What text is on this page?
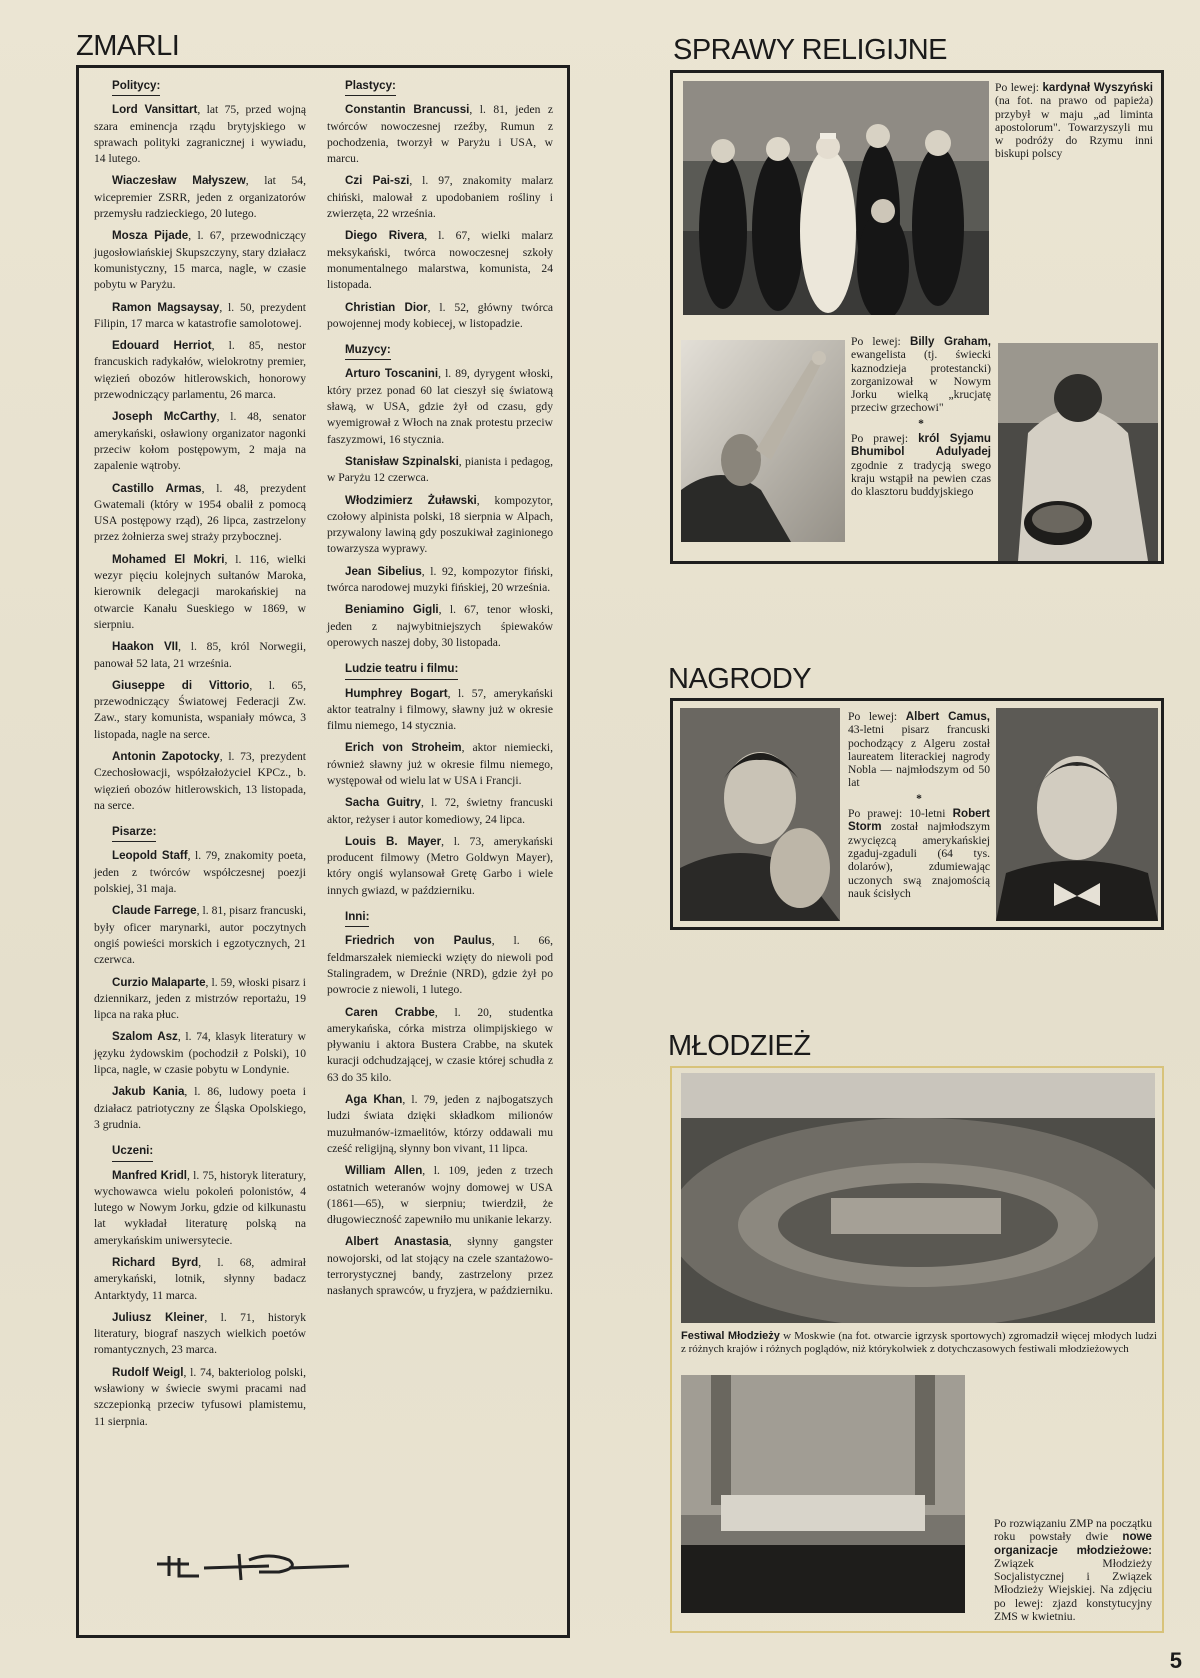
ZMARLI
Politycy:

Lord Vansittart, lat 75, przed wojną szara eminencja rządu brytyjskiego w sprawach polityki zagranicznej i wywiadu, 14 lutego.

Wiaczesław Małyszew, lat 54, wicepremier ZSRR, jeden z organizatorów przemysłu radzieckiego, 20 lutego.

Mosza Pijade, l. 67, przewodniczący jugosłowiańskiej Skupszczyny, stary działacz komunistyczny, 15 marca, nagle, w czasie pobytu w Paryżu.

Ramon Magsaysay, l. 50, prezydent Filipin, 17 marca w katastrofie samolotowej.

Edouard Herriot, l. 85, nestor francuskich radykałów, wielokrotny premier, więzień obozów hitlerowskich, honorowy przewodniczący parlamentu, 26 marca.

Joseph McCarthy, l. 48, senator amerykański, osławiony organizator nagonki przeciw kołom postępowym, 2 maja na zapalenie wątroby.

Castillo Armas, l. 48, prezydent Gwatemali (który w 1954 obalił z pomocą USA postępowy rząd), 26 lipca, zastrzelony przez żołnierza swej straży przybocznej.

Mohamed El Mokri, l. 116, wielki wezyr pięciu kolejnych sułtanów Maroka, kierownik delegacji marokańskiej na otwarcie Kanału Sueskiego w 1869, w sierpniu.

Haakon VII, l. 85, król Norwegii, panował 52 lata, 21 września.

Giuseppe di Vittorio, l. 65, przewodniczący Światowej Federacji Zw. Zaw., stary komunista, wspaniały mówca, 3 listopada, nagle na serce.

Antonin Zapotocky, l. 73, prezydent Czechosłowacji, współzałożyciel KPCz., b. więzień obozów hitlerowskich, 13 listopada, na serce.

Pisarze:

Leopold Staff, l. 79, znakomity poeta, jeden z twórców współczesnej poezji polskiej, 31 maja.

Claude Farrege, l. 81, pisarz francuski, były oficer marynarki, autor poczytnych ongiś powieści morskich i egzotycznych, 21 czerwca.

Curzio Malaparte, l. 59, włoski pisarz i dziennikarz, jeden z mistrzów reportażu, 19 lipca na raka płuc.

Szalom Asz, l. 74, klasyk literatury w języku żydowskim (pochodził z Polski), 10 lipca, nagle, w czasie pobytu w Londynie.

Jakub Kania, l. 86, ludowy poeta i działacz patriotyczny ze Śląska Opolskiego, 3 grudnia.

Uczeni:

Manfred Kridl, l. 75, historyk literatury, wychowawca wielu pokoleń polonistów, 4 lutego w Nowym Jorku, gdzie od kilkunastu lat wykładał literaturę polską na amerykańskim uniwersytecie.

Richard Byrd, l. 68, admirał amerykański, lotnik, słynny badacz Antarktydy, 11 marca.

Juliusz Kleiner, l. 71, historyk literatury, biograf naszych wielkich poetów romantycznych, 23 marca.

Rudolf Weigl, l. 74, bakteriolog polski, wsławiony w świecie swymi pracami nad szczepionką przeciw tyfusowi plamistemu, 11 sierpnia.

Plastycy:

Constantin Brancussi, l. 81, jeden z twórców nowoczesnej rzeźby, Rumun z pochodzenia, tworzył w Paryżu i USA, w marcu.

Czi Pai-szi, l. 97, znakomity malarz chiński, malował z upodobaniem rośliny i zwierzęta, 22 września.

Diego Rivera, l. 67, wielki malarz meksykański, twórca nowoczesnej szkoły monumentalnego malarstwa, komunista, 24 listopada.

Christian Dior, l. 52, główny twórca powojennej mody kobiecej, w listopadzie.

Muzycy:

Arturo Toscanini, l. 89, dyrygent włoski, który przez ponad 60 lat cieszył się światową sławą, w USA, gdzie żył od czasu, gdy wyemigrował z Włoch na znak protestu przeciw faszyzmowi, 16 stycznia.

Stanisław Szpinalski, pianista i pedagog, w Paryżu 12 czerwca.

Włodzimierz Żuławski, kompozytor, czołowy alpinista polski, 18 sierpnia w Alpach, przywalony lawiną gdy poszukiwał zaginionego towarzysza wyprawy.

Jean Sibelius, l. 92, kompozytor fiński, twórca narodowej muzyki fińskiej, 20 września.

Beniamino Gigli, l. 67, tenor włoski, jeden z najwybitniejszych śpiewaków operowych naszej doby, 30 listopada.

Ludzie teatru i filmu:

Humphrey Bogart, l. 57, amerykański aktor teatralny i filmowy, sławny już w okresie filmu niemego, 14 stycznia.

Erich von Stroheim, aktor niemiecki, również sławny już w okresie filmu niemego, występował od wielu lat w USA i Francji.

Sacha Guitry, l. 72, świetny francuski aktor, reżyser i autor komediowy, 24 lipca.

Louis B. Mayer, l. 73, amerykański producent filmowy (Metro Goldwyn Mayer), który ongiś wylansował Gretę Garbo i wiele innych gwiazd, w październiku.

Inni:

Friedrich von Paulus, l. 66, feldmarszałek niemiecki wzięty do niewoli pod Stalingradem, w Dreźnie (NRD), gdzie żył po powrocie z niewoli, 1 lutego.

Caren Crabbe, l. 20, studentka amerykańska, córka mistrza olimpijskiego w pływaniu i aktora Bustera Crabbe, na skutek kuracji odchudzającej, w czasie której schudła z 63 do 35 kilo.

Aga Khan, l. 79, jeden z najbogatszych ludzi świata dzięki składkom milionów muzułmanów-izmaelitów, którzy oddawali mu cześć religijną, słynny bon vivant, 11 lipca.

William Allen, l. 109, jeden z trzech ostatnich weteranów wojny domowej w USA (1861—65), w sierpniu; twierdził, że długowieczność zapewniło mu unikanie lekarzy.

Albert Anastasia, słynny gangster nowojorski, od lat stojący na czele szantażowo-terrorystycznej bandy, zastrzelony przez nasłanych sprawców, u fryzjera, w październiku.

SPRAWY RELIGIJNE
Po lewej: kardynał Wyszyński (na fot. na prawo od papieża) przybył w maju „ad liminta apostolorum". Towarzyszyli mu w podróży do Rzymu inni biskupi polscy
Po lewej: Billy Graham, ewangelista (tj. świecki kaznodzieja protestancki) zorganizował w Nowym Jorku wielką „krucjatę przeciw grzechowi"
*
Po prawej: król Syjamu Bhumibol Adulyadej zgodnie z tradycją swego kraju wstąpił na pewien czas do klasztoru buddyjskiego
NAGRODY
Po lewej: Albert Camus, 43-letni pisarz francuski pochodzący z Algeru został laureatem literackiej nagrody Nobla — najmłodszym od 50 lat
*
Po prawej: 10-letni Robert Storm został najmłodszym zwycięzcą amerykańskiej zgaduj-zgaduli (64 tys. dolarów), zdumiewając uczonych swą znajomością nauk ścisłych
MŁODZIEŻ
Festiwal Młodzieży w Moskwie (na fot. otwarcie igrzysk sportowych) zgromadził więcej młodych ludzi z różnych krajów i różnych poglądów, niż którykolwiek z dotychczasowych festiwali młodzieżowych
Po rozwiązaniu ZMP na początku roku powstały dwie nowe organizacje młodzieżowe: Związek Młodzieży Socjalistycznej i Związek Młodzieży Wiejskiej. Na zdjęciu po lewej: zjazd konstytucyjny ZMS w kwietniu.
5
